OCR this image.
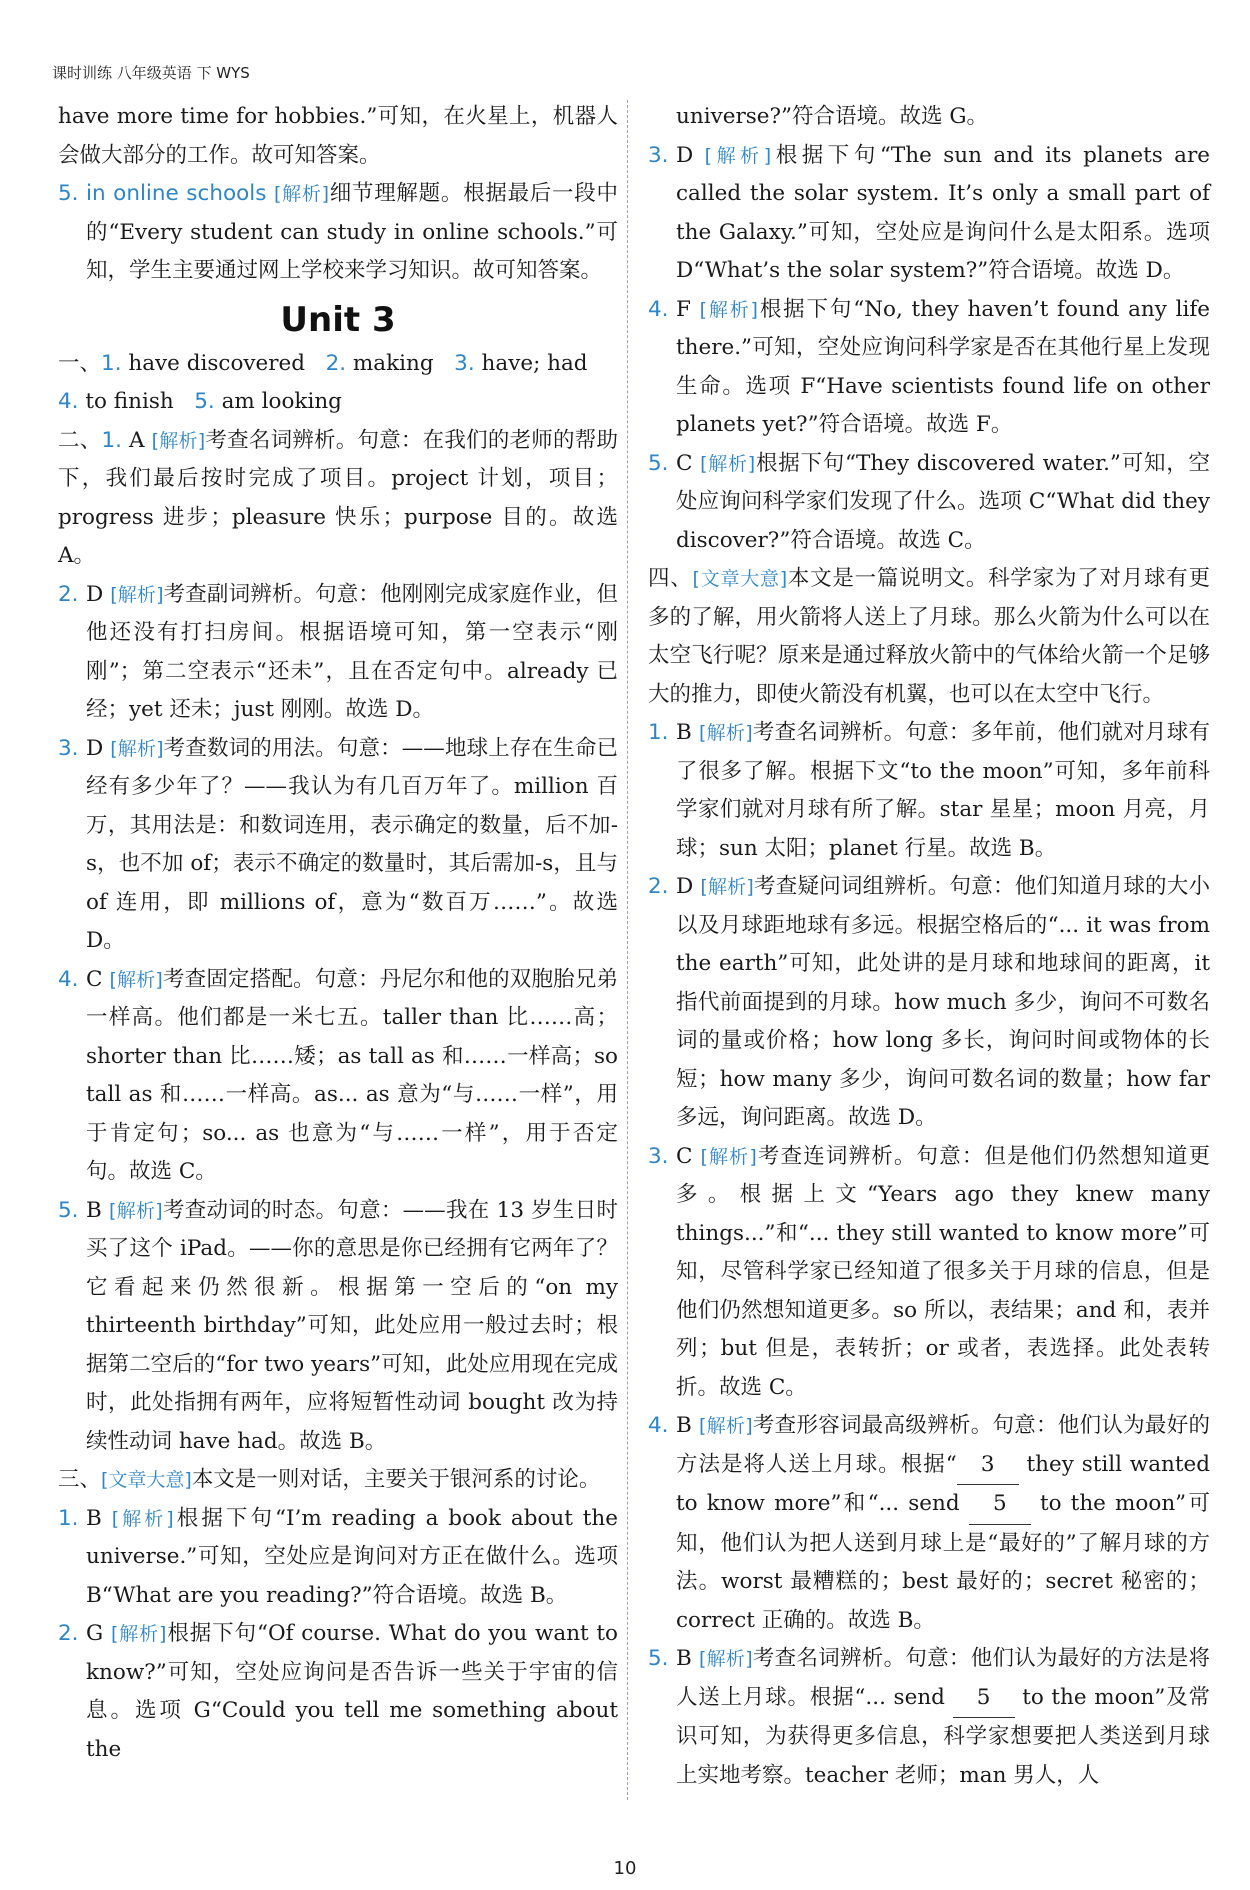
课时训练 八年级英语 下 WYS

have more time for hobbies.”可知，在火星上，机器人会做大部分的工作。故可知答案。

5. in online schools [解析]细节理解题。根据最后一段中的“Every student can study in online schools.”可知，学生主要通过网上学校来学习知识。故可知答案。

Unit 3

一、1. have discovered 2. making 3. have; had

4. to finish 5. am looking

二、1. A [解析]考查名词辨析。句意：在我们的老师的帮助下，我们最后按时完成了项目。project 计划，项目；progress 进步；pleasure 快乐；purpose 目的。故选 A。

2. D [解析]考查副词辨析。句意：他刚刚完成家庭作业，但他还没有打扫房间。根据语境可知，第一空表示“刚刚”；第二空表示“还未”，且在否定句中。already 已经；yet 还未；just 刚刚。故选 D。

3. D [解析]考查数词的用法。句意：——地球上存在生命已经有多少年了？——我认为有几百万年了。million 百万，其用法是：和数词连用，表示确定的数量，后不加-s，也不加 of；表示不确定的数量时，其后需加-s，且与 of 连用，即 millions of，意为“数百万……”。故选 D。

4. C [解析]考查固定搭配。句意：丹尼尔和他的双胞胎兄弟一样高。他们都是一米七五。taller than 比……高；shorter than 比……矮；as tall as 和……一样高；so tall as 和……一样高。as... as 意为“与……一样”，用于肯定句；so... as 也意为“与……一样”，用于否定句。故选 C。

5. B [解析]考查动词的时态。句意：——我在 13 岁生日时买了这个 iPad。——你的意思是你已经拥有它两年了？它看起来仍然很新。根据第一空后的“on my thirteenth birthday”可知，此处应用一般过去时；根据第二空后的“for two years”可知，此处应用现在完成时，此处指拥有两年，应将短暂性动词 bought 改为持续性动词 have had。故选 B。

三、[文章大意]本文是一则对话，主要关于银河系的讨论。

1. B [解析]根据下句“I’m reading a book about the universe.”可知，空处应是询问对方正在做什么。选项 B“What are you reading?”符合语境。故选 B。

2. G [解析]根据下句“Of course. What do you want to know?”可知，空处应询问是否告诉一些关于宇宙的信息。选项 G“Could you tell me something about the

universe?”符合语境。故选 G。

3. D [解析]根据下句“The sun and its planets are called the solar system. It’s only a small part of the Galaxy.”可知，空处应是询问什么是太阳系。选项 D“What’s the solar system?”符合语境。故选 D。

4. F [解析]根据下句“No, they haven’t found any life there.”可知，空处应询问科学家是否在其他行星上发现生命。选项 F“Have scientists found life on other planets yet?”符合语境。故选 F。

5. C [解析]根据下句“They discovered water.”可知，空处应询问科学家们发现了什么。选项 C“What did they discover?”符合语境。故选 C。

四、[文章大意]本文是一篇说明文。科学家为了对月球有更多的了解，用火箭将人送上了月球。那么火箭为什么可以在太空飞行呢？原来是通过释放火箭中的气体给火箭一个足够大的推力，即使火箭没有机翼，也可以在太空中飞行。

1. B [解析]考查名词辨析。句意：多年前，他们就对月球有了很多了解。根据下文“to the moon”可知，多年前科学家们就对月球有所了解。star 星星；moon 月亮，月球；sun 太阳；planet 行星。故选 B。

2. D [解析]考查疑问词组辨析。句意：他们知道月球的大小以及月球距地球有多远。根据空格后的“... it was from the earth”可知，此处讲的是月球和地球间的距离，it 指代前面提到的月球。how much 多少，询问不可数名词的量或价格；how long 多长，询问时间或物体的长短；how many 多少，询问可数名词的数量；how far 多远，询问距离。故选 D。

3. C [解析]考查连词辨析。句意：但是他们仍然想知道更多。根据上文“Years ago they knew many things...”和“... they still wanted to know more”可知，尽管科学家已经知道了很多关于月球的信息，但是他们仍然想知道更多。so 所以，表结果；and 和，表并列；but 但是，表转折；or 或者，表选择。此处表转折。故选 C。

4. B [解析]考查形容词最高级辨析。句意：他们认为最好的方法是将人送上月球。根据“ 3 they still wanted to know more”和“... send 5 to the moon”可知，他们认为把人送到月球上是“最好的”了解月球的方法。worst 最糟糕的；best 最好的；secret 秘密的；correct 正确的。故选 B。

5. B [解析]考查名词辨析。句意：他们认为最好的方法是将人送上月球。根据“... send 5 to the moon”及常识可知，为获得更多信息，科学家想要把人类送到月球上实地考察。teacher 老师；man 男人，人

10
